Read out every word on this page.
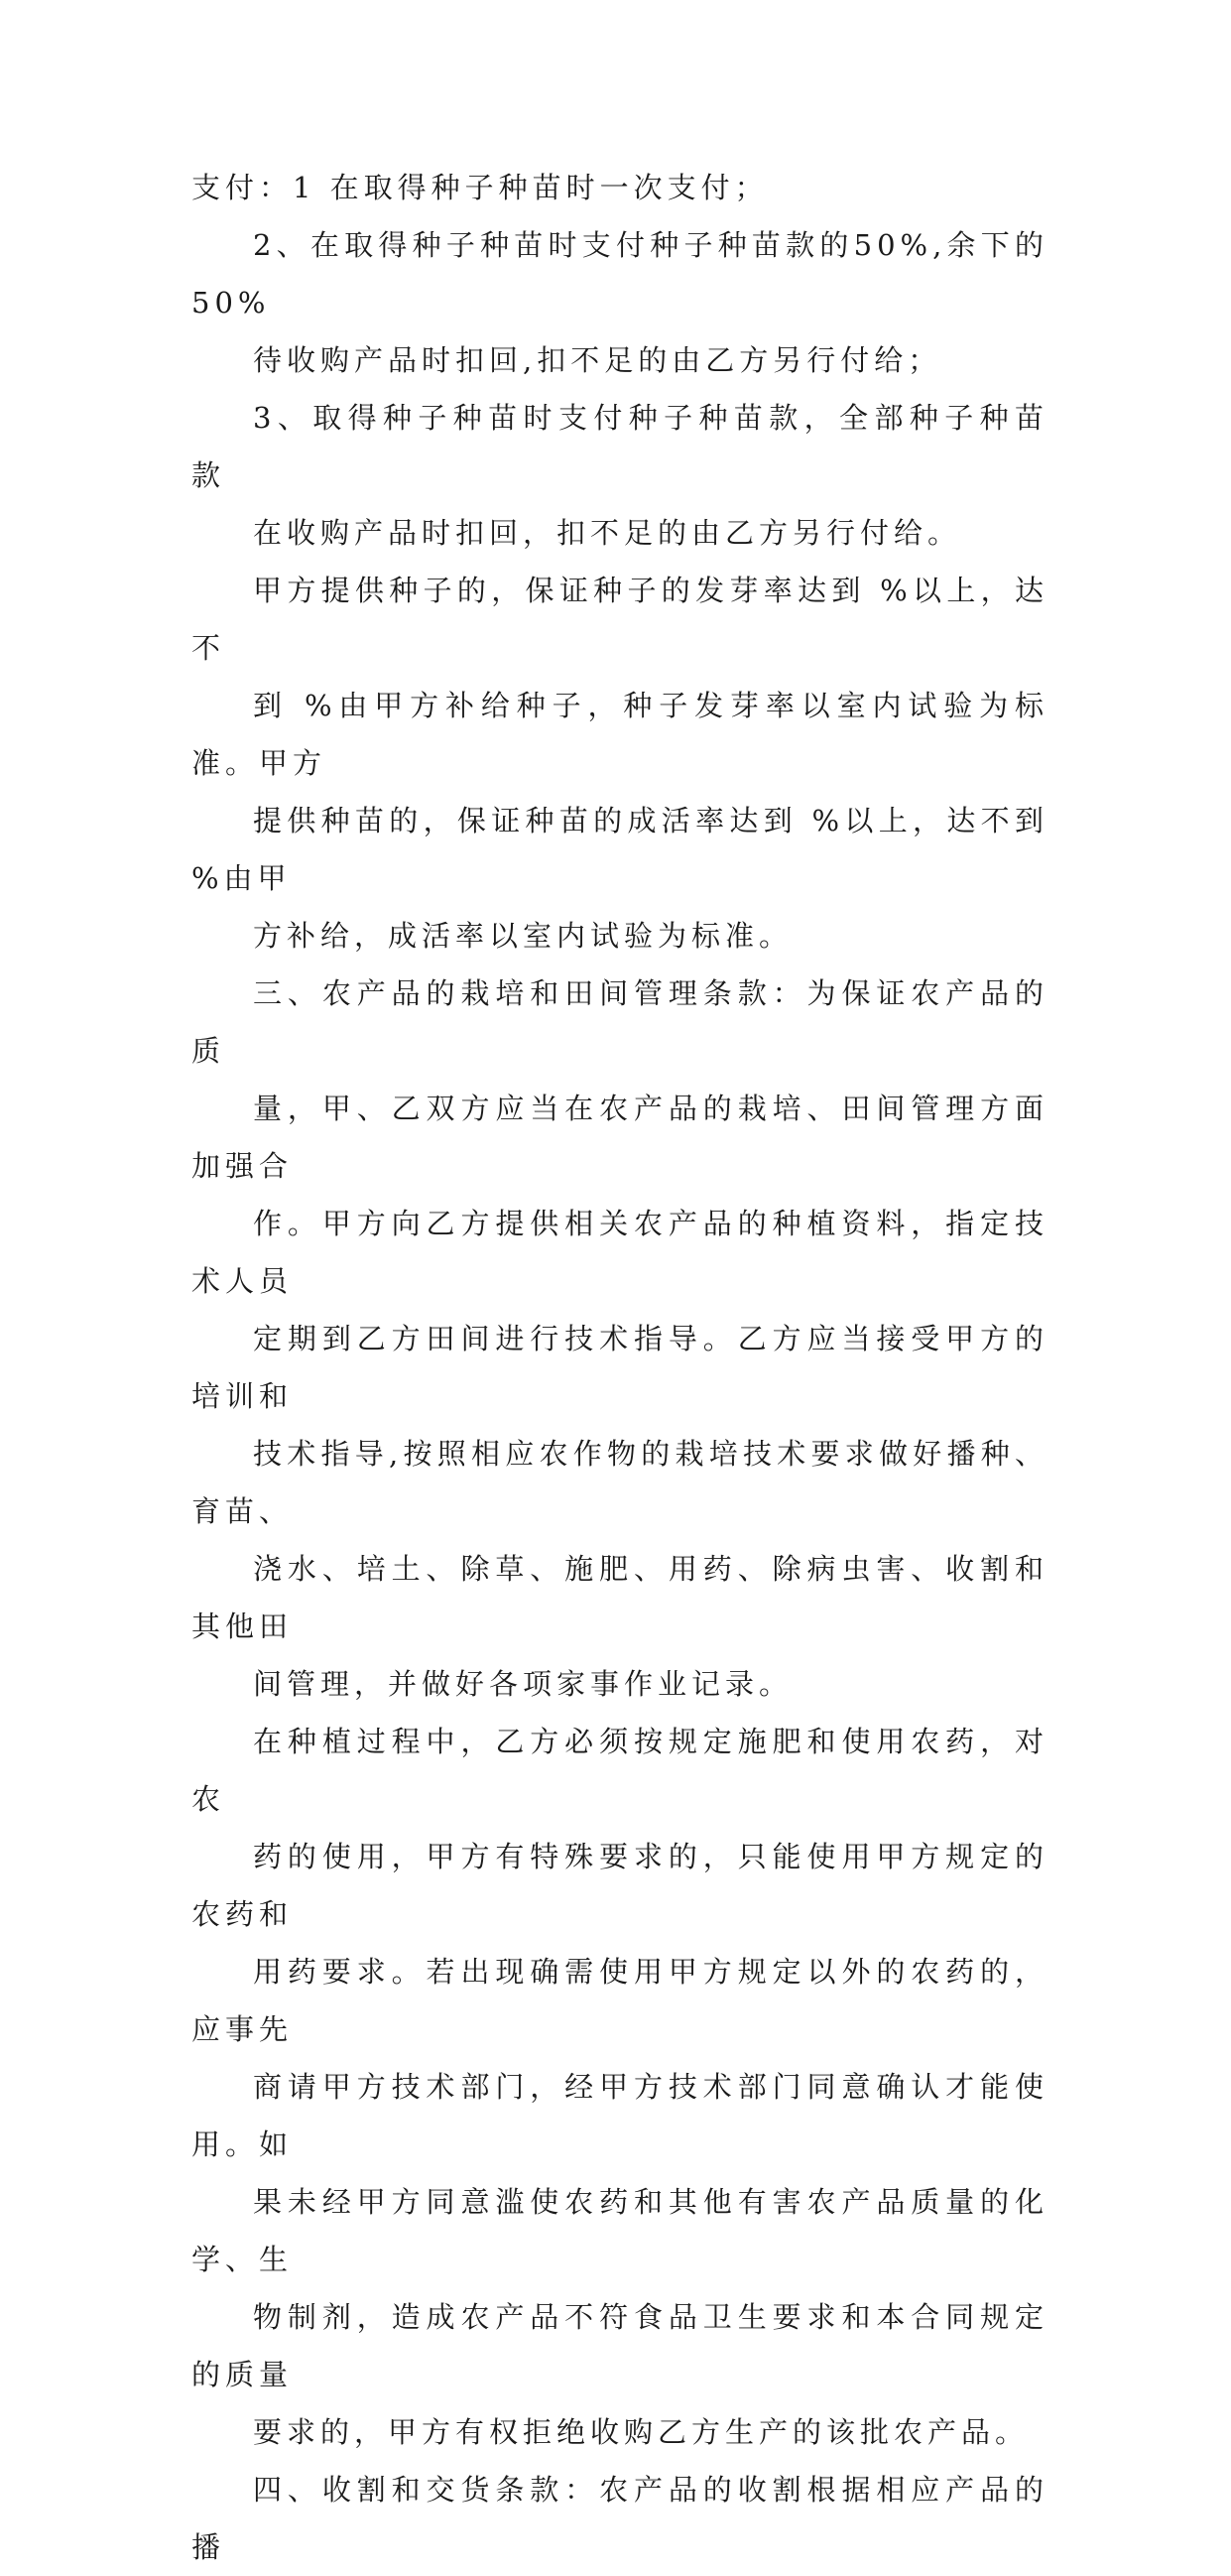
支付：1 在取得种子种苗时一次支付；

2、在取得种子种苗时支付种子种苗款的50%,余下的50%
待收购产品时扣回,扣不足的由乙方另行付给；

3、取得种子种苗时支付种子种苗款，全部种子种苗款
在收购产品时扣回，扣不足的由乙方另行付给。

甲方提供种子的，保证种子的发芽率达到 %以上，达不
到 %由甲方补给种子，种子发芽率以室内试验为标准。甲方
提供种苗的，保证种苗的成活率达到 %以上，达不到 %由甲
方补给，成活率以室内试验为标准。

三、农产品的栽培和田间管理条款：为保证农产品的质
量，甲、乙双方应当在农产品的栽培、田间管理方面加强合
作。甲方向乙方提供相关农产品的种植资料，指定技术人员
定期到乙方田间进行技术指导。乙方应当接受甲方的培训和
技术指导,按照相应农作物的栽培技术要求做好播种、育苗、
浇水、培土、除草、施肥、用药、除病虫害、收割和其他田
间管理，并做好各项家事作业记录。

在种植过程中，乙方必须按规定施肥和使用农药，对农
药的使用，甲方有特殊要求的，只能使用甲方规定的农药和
用药要求。若出现确需使用甲方规定以外的农药的，应事先
商请甲方技术部门，经甲方技术部门同意确认才能使用。如
果未经甲方同意滥使农药和其他有害农产品质量的化学、生
物制剂，造成农产品不符食品卫生要求和本合同规定的质量
要求的，甲方有权拒绝收购乙方生产的该批农产品。

四、收割和交货条款：农产品的收割根据相应产品的播
